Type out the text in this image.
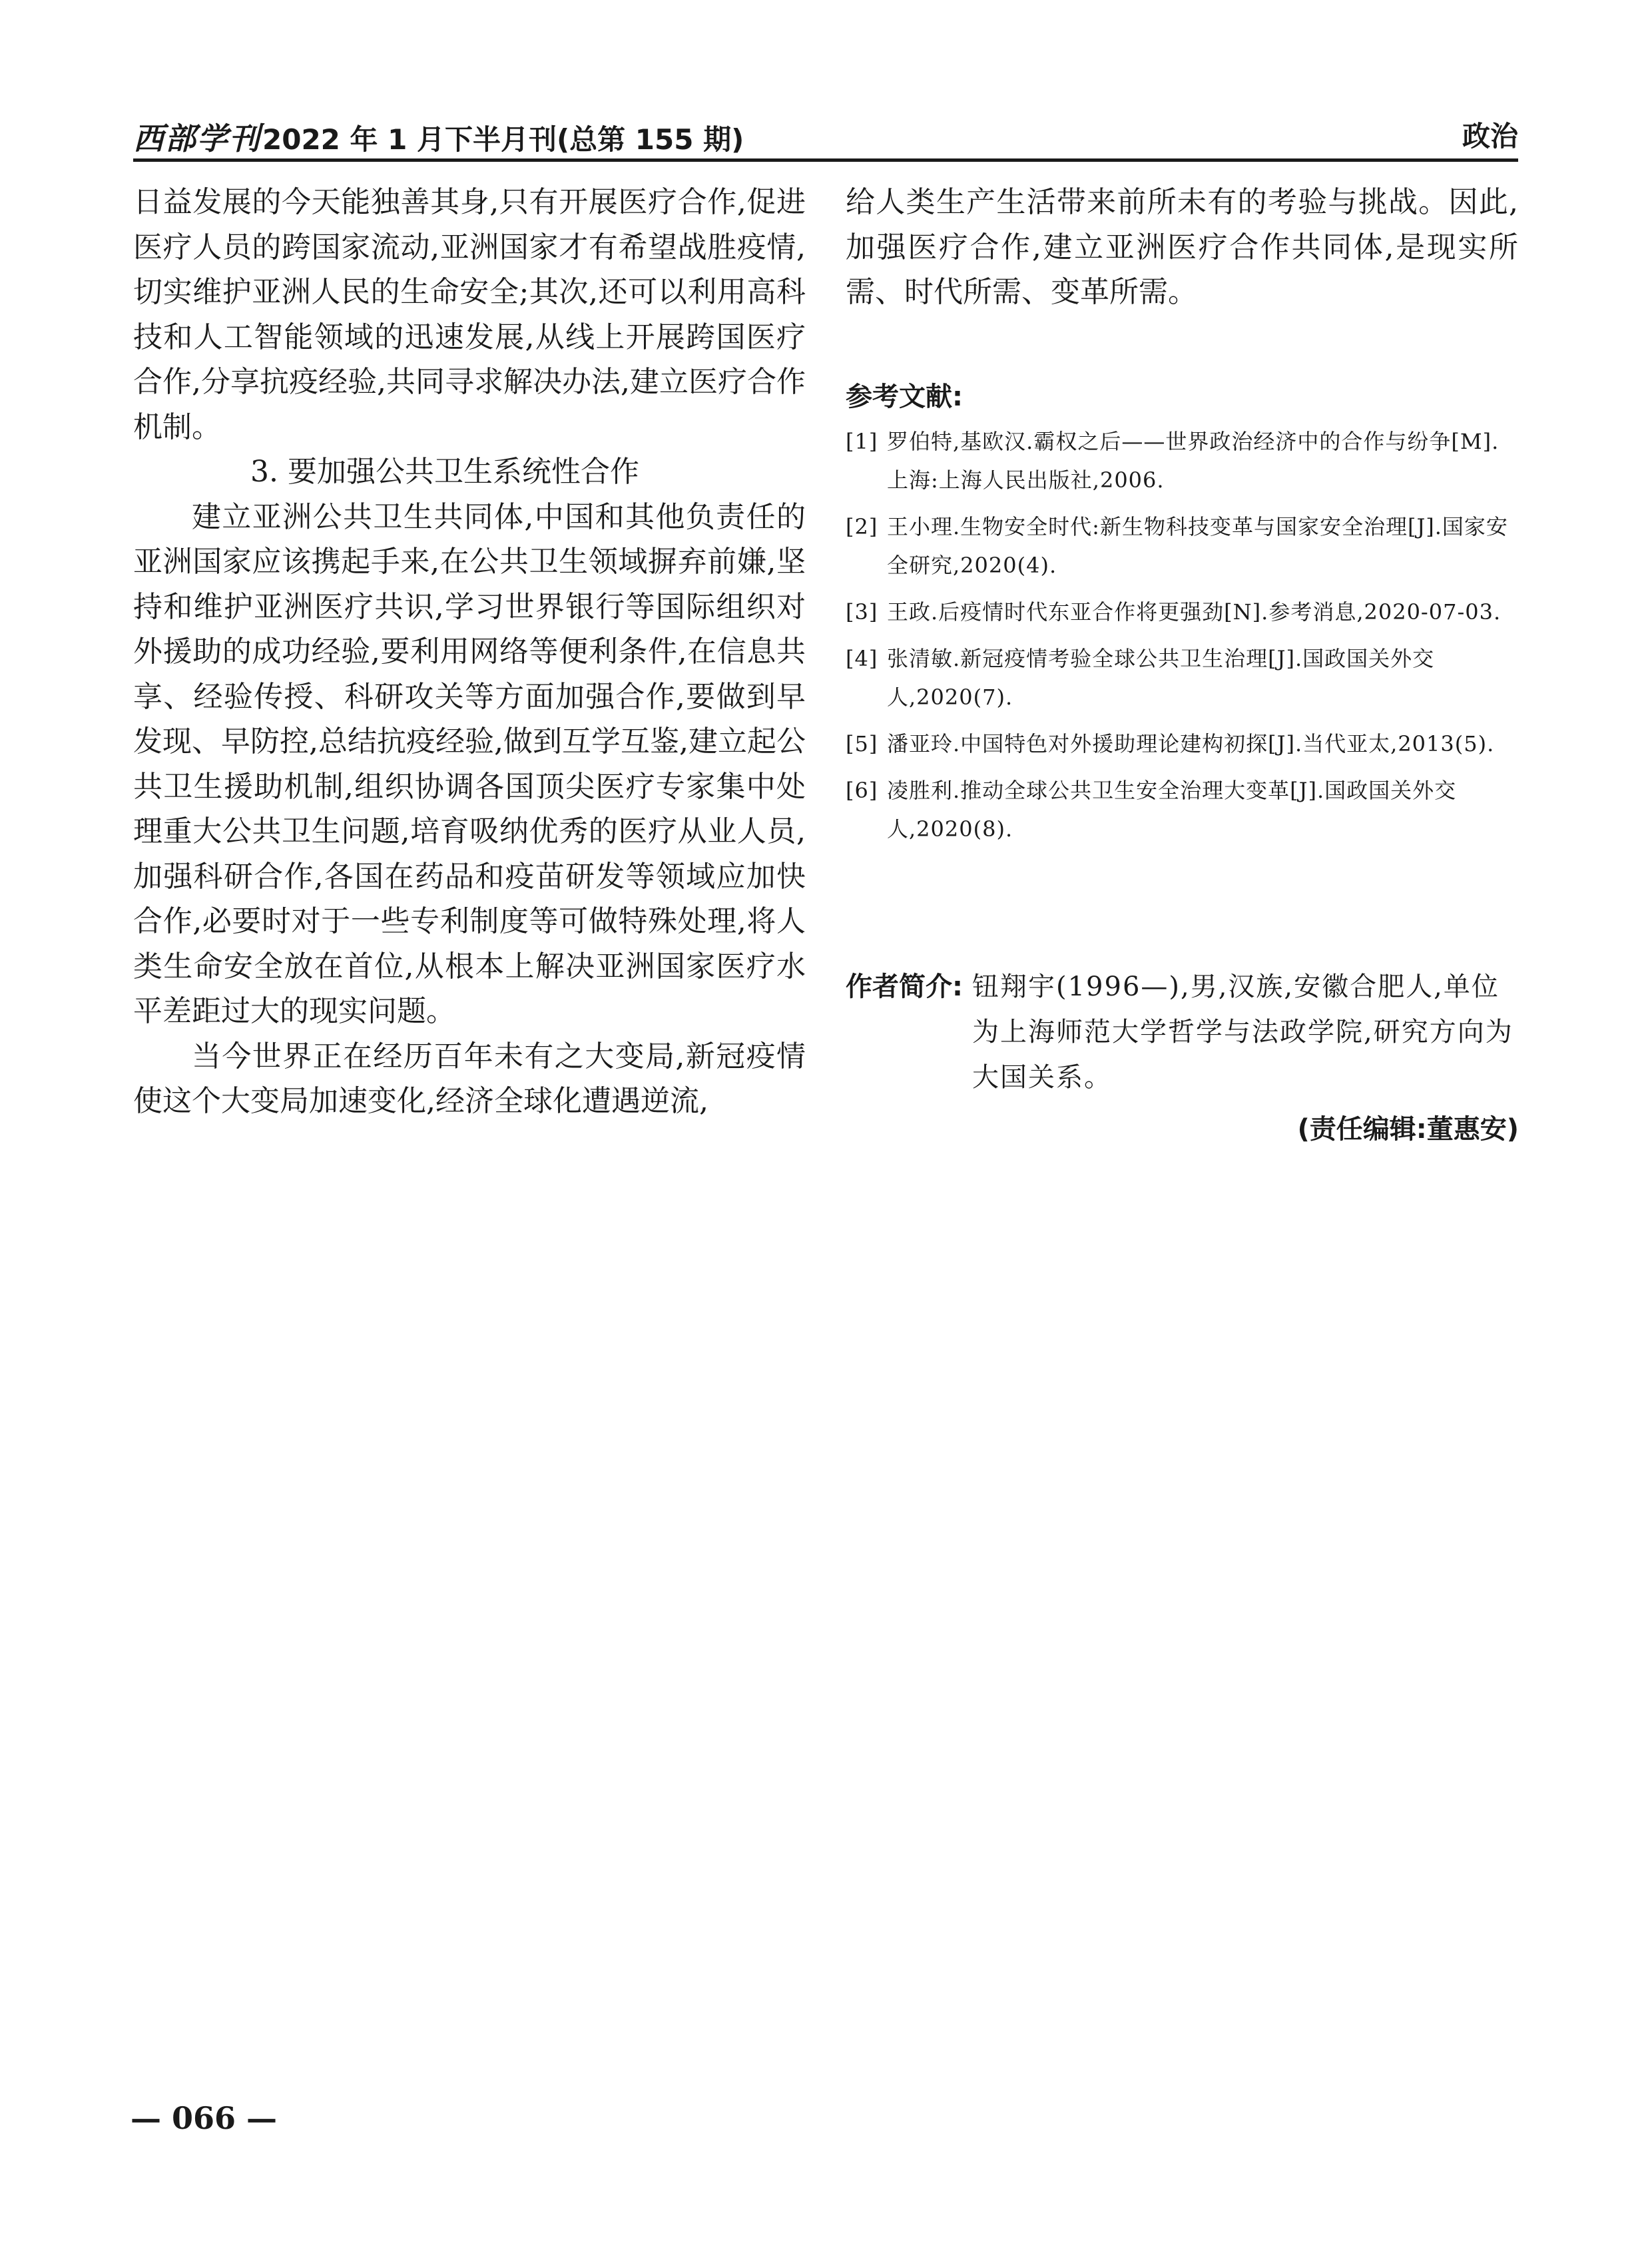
西部学刊2022 年 1 月下半月刊(总第 155 期)	政治

日益发展的今天能独善其身,只有开展医疗合作,促进医疗人员的跨国家流动,亚洲国家才有希望战胜疫情,切实维护亚洲人民的生命安全;其次,还可以利用高科技和人工智能领域的迅速发展,从线上开展跨国医疗合作,分享抗疫经验,共同寻求解决办法,建立医疗合作机制。

3. 要加强公共卫生系统性合作

建立亚洲公共卫生共同体,中国和其他负责任的亚洲国家应该携起手来,在公共卫生领域摒弃前嫌,坚持和维护亚洲医疗共识,学习世界银行等国际组织对外援助的成功经验,要利用网络等便利条件,在信息共享、经验传授、科研攻关等方面加强合作,要做到早发现、早防控,总结抗疫经验,做到互学互鉴,建立起公共卫生援助机制,组织协调各国顶尖医疗专家集中处理重大公共卫生问题,培育吸纳优秀的医疗从业人员,加强科研合作,各国在药品和疫苗研发等领域应加快合作,必要时对于一些专利制度等可做特殊处理,将人类生命安全放在首位,从根本上解决亚洲国家医疗水平差距过大的现实问题。

当今世界正在经历百年未有之大变局,新冠疫情使这个大变局加速变化,经济全球化遭遇逆流,

给人类生产生活带来前所未有的考验与挑战。因此,加强医疗合作,建立亚洲医疗合作共同体,是现实所需、时代所需、变革所需。

参考文献:
[1] 罗伯特,基欧汉.霸权之后——世界政治经济中的合作与纷争[M].上海:上海人民出版社,2006.
[2] 王小理.生物安全时代:新生物科技变革与国家安全治理[J].国家安全研究,2020(4).
[3] 王政.后疫情时代东亚合作将更强劲[N].参考消息,2020-07-03.
[4] 张清敏.新冠疫情考验全球公共卫生治理[J].国政国关外交人,2020(7).
[5] 潘亚玲.中国特色对外援助理论建构初探[J].当代亚太,2013(5).
[6] 凌胜利.推动全球公共卫生安全治理大变革[J].国政国关外交人,2020(8).
作者简介: 钮翔宇(1996—),男,汉族,安徽合肥人,单位为上海师范大学哲学与法政学院,研究方向为大国关系。
(责任编辑:董惠安)
— 066 —
